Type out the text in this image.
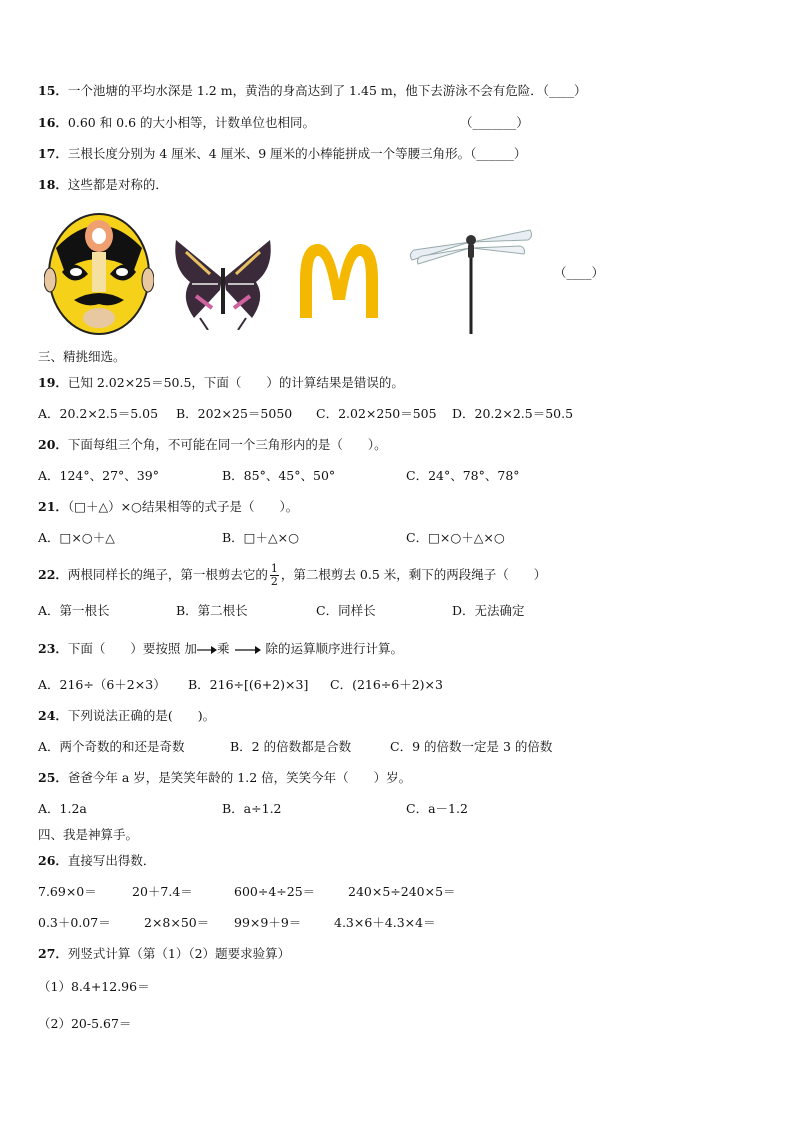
15．一个池塘的平均水深是 1.2 m，黄浩的身高达到了 1.45 m，他下去游泳不会有危险．（____）
16．0.60 和 0.6 的大小相等，计数单位也相同。	（_______）
17．三根长度分别为 4 厘米、4 厘米、9 厘米的小棒能拼成一个等腰三角形。（______）
18．这些都是对称的．
（____）
三、精挑细选。
19．已知 2.02×25＝50.5，下面（　　）的计算结果是错误的。
A．20.2×2.5＝5.05 B．202×25＝5050 C．2.02×250＝505 D．20.2×2.5＝50.5
20．下面每组三个角，不可能在同一个三角形内的是（　　）。
A．124°、27°、39°	B．85°、45°、50°	C．24°、78°、78°
21．（□＋△）×○结果相等的式子是（　　）。
A．□×○＋△	B．□＋△×○	C．□×○＋△×○
22．两根同样长的绳子，第一根剪去它的 $\frac{1}{2}$ ，第二根剪去 0.5 米，剩下的两段绳子（　　）
A．第一根长	B．第二根长	C．同样长	D．无法确定
23．下面（　　）要按照 加 乘	除的运算顺序进行计算。
A．216÷（6＋2×3） B．216÷[(6+2)×3] C．(216÷6＋2)×3
24．下列说法正确的是(　　)。
A．两个奇数的和还是奇数	B．2 的倍数都是合数	C．9 的倍数一定是 3 的倍数
25．爸爸今年 a 岁，是笑笑年龄的 1.2 倍，笑笑今年（　　）岁。
A．1.2a	B．a÷1.2	C．a－1.2
四、我是神算手。
26．直接写出得数．
7.69×0＝	20＋7.4＝	600÷4÷25＝	240×5÷240×5＝
0.3＋0.07＝	2×8×50＝ 99×9＋9＝	4.3×6＋4.3×4＝
27．列竖式计算（第（1）（2）题要求验算）
（1）8.4+12.96＝
（2）20-5.67＝
